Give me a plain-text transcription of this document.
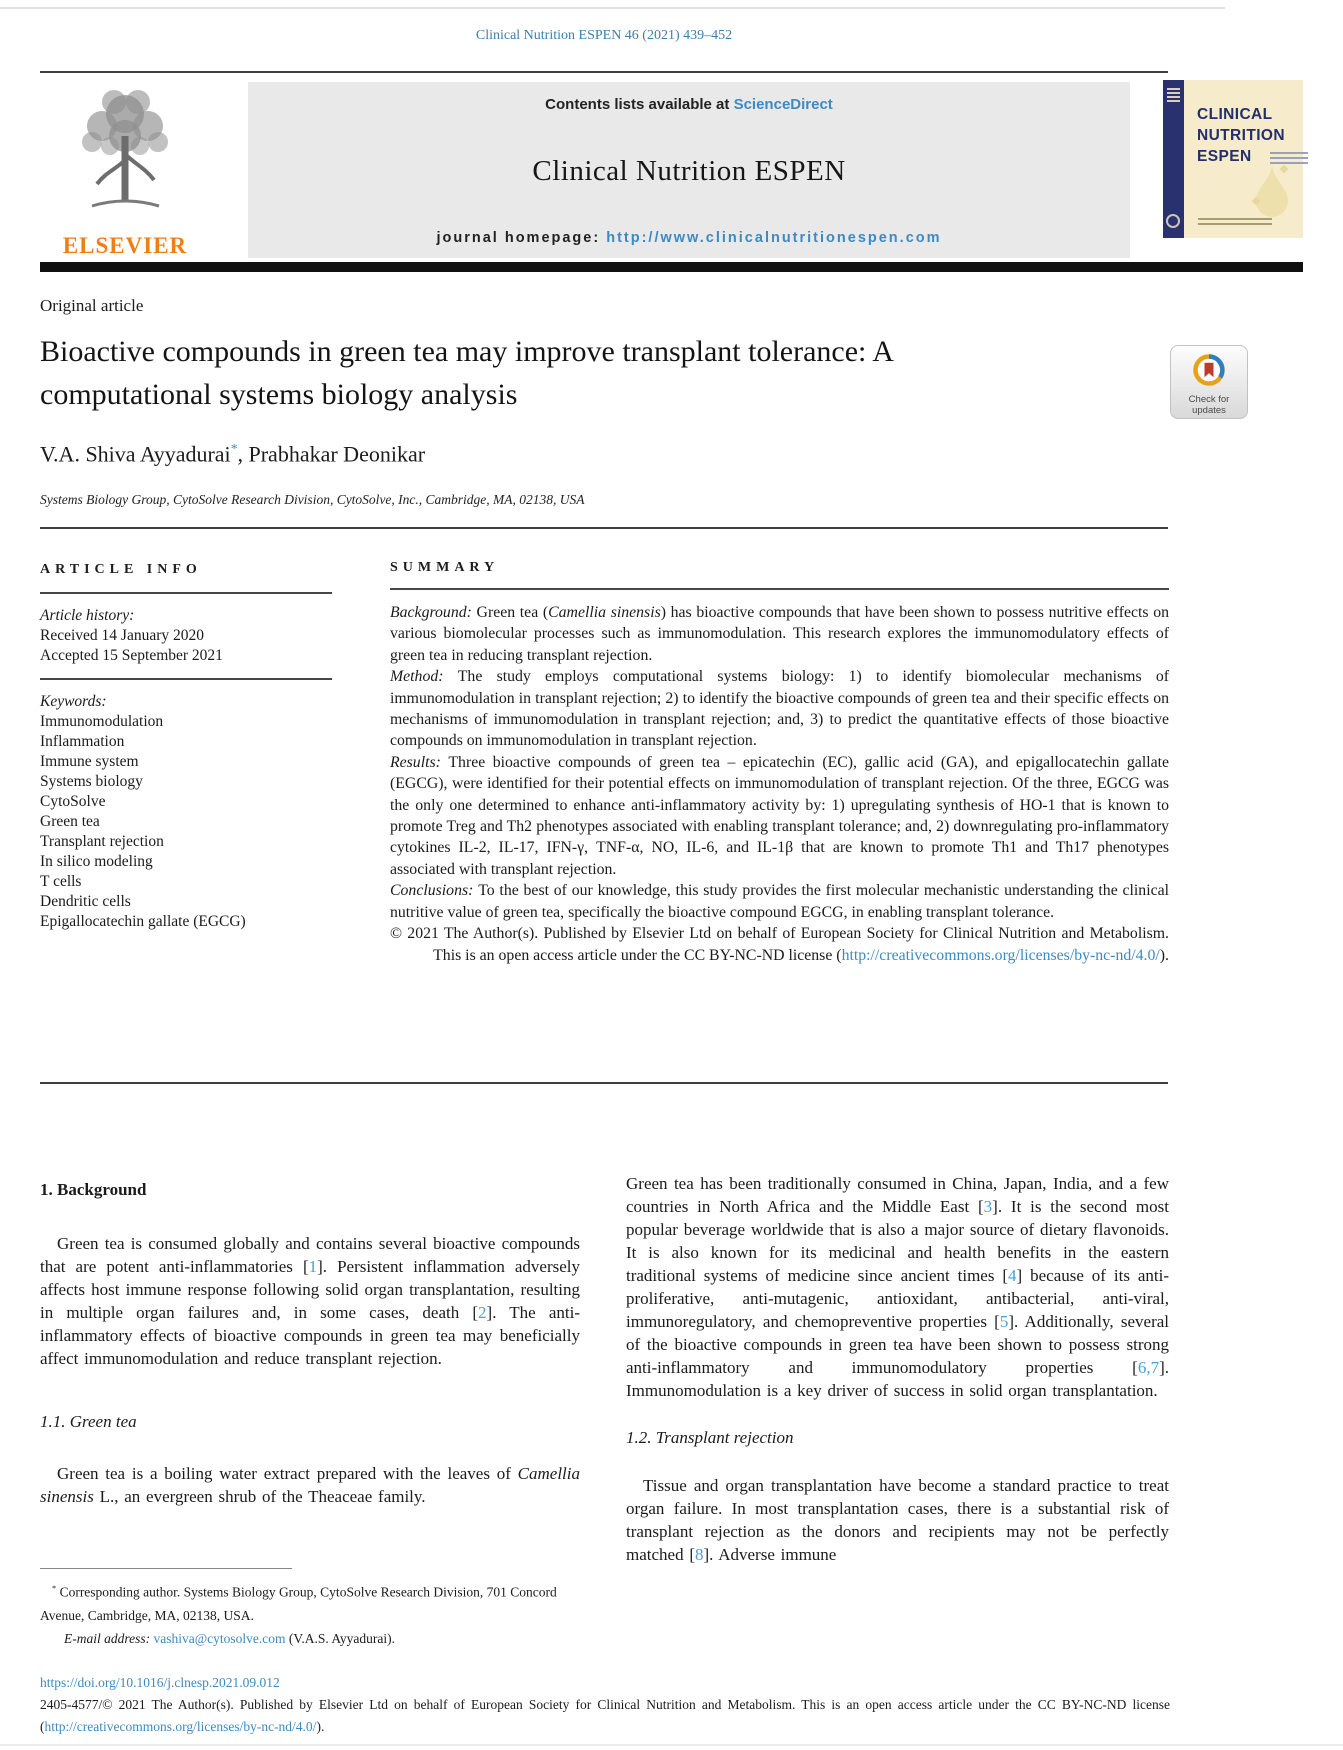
Clinical Nutrition ESPEN 46 (2021) 439–452
ELSEVIER
Contents lists available at ScienceDirect
Clinical Nutrition ESPEN
journal homepage: http://www.clinicalnutritionespen.com
CLINICAL
NUTRITION
ESPEN
Original article
Bioactive compounds in green tea may improve transplant tolerance: A computational systems biology analysis	Check for updates
V.A. Shiva Ayyadurai*, Prabhakar Deonikar
Systems Biology Group, CytoSolve Research Division, CytoSolve, Inc., Cambridge, MA, 02138, USA
ARTICLE INFO
Article history:
Received 14 January 2020
Accepted 15 September 2021
Keywords:
Immunomodulation
Inflammation
Immune system
Systems biology
CytoSolve
Green tea
Transplant rejection
In silico modeling
T cells
Dendritic cells
Epigallocatechin gallate (EGCG)
SUMMARY

Background: Green tea (Camellia sinensis) has bioactive compounds that have been shown to possess nutritive effects on various biomolecular processes such as immunomodulation. This research explores the immunomodulatory effects of green tea in reducing transplant rejection.

Method: The study employs computational systems biology: 1) to identify biomolecular mechanisms of immunomodulation in transplant rejection; 2) to identify the bioactive compounds of green tea and their specific effects on mechanisms of immunomodulation in transplant rejection; and, 3) to predict the quantitative effects of those bioactive compounds on immunomodulation in transplant rejection.

Results: Three bioactive compounds of green tea – epicatechin (EC), gallic acid (GA), and epigallocatechin gallate (EGCG), were identified for their potential effects on immunomodulation of transplant rejection. Of the three, EGCG was the only one determined to enhance anti-inflammatory activity by: 1) upregulating synthesis of HO-1 that is known to promote Treg and Th2 phenotypes associated with enabling transplant tolerance; and, 2) downregulating pro-inflammatory cytokines IL-2, IL-17, IFN-γ, TNF-α, NO, IL-6, and IL-1β that are known to promote Th1 and Th17 phenotypes associated with transplant rejection.

Conclusions: To the best of our knowledge, this study provides the first molecular mechanistic understanding the clinical nutritive value of green tea, specifically the bioactive compound EGCG, in enabling transplant tolerance.

© 2021 The Author(s). Published by Elsevier Ltd on behalf of European Society for Clinical Nutrition and Metabolism. This is an open access article under the CC BY-NC-ND license (http://creativecommons.org/licenses/by-nc-nd/4.0/).

1. Background

Green tea is consumed globally and contains several bioactive compounds that are potent anti-inflammatories [1]. Persistent inflammation adversely affects host immune response following solid organ transplantation, resulting in multiple organ failures and, in some cases, death [2]. The anti-inflammatory effects of bioactive compounds in green tea may beneficially affect immunomodulation and reduce transplant rejection.

1.1. Green tea

Green tea is a boiling water extract prepared with the leaves of Camellia sinensis L., an evergreen shrub of the Theaceae family.

Green tea has been traditionally consumed in China, Japan, India, and a few countries in North Africa and the Middle East [3]. It is the second most popular beverage worldwide that is also a major source of dietary flavonoids. It is also known for its medicinal and health benefits in the eastern traditional systems of medicine since ancient times [4] because of its anti-proliferative, anti-mutagenic, antioxidant, antibacterial, anti-viral, immunoregulatory, and chemopreventive properties [5]. Additionally, several of the bioactive compounds in green tea have been shown to possess strong anti-inflammatory and immunomodulatory properties [6,7]. Immunomodulation is a key driver of success in solid organ transplantation.

1.2. Transplant rejection

Tissue and organ transplantation have become a standard practice to treat organ failure. In most transplantation cases, there is a substantial risk of transplant rejection as the donors and recipients may not be perfectly matched [8]. Adverse immune

* Corresponding author. Systems Biology Group, CytoSolve Research Division, 701 Concord Avenue, Cambridge, MA, 02138, USA.

E-mail address: vashiva@cytosolve.com (V.A.S. Ayyadurai).

https://doi.org/10.1016/j.clnesp.2021.09.012

2405-4577/© 2021 The Author(s). Published by Elsevier Ltd on behalf of European Society for Clinical Nutrition and Metabolism. This is an open access article under the CC BY-NC-ND license (http://creativecommons.org/licenses/by-nc-nd/4.0/).
